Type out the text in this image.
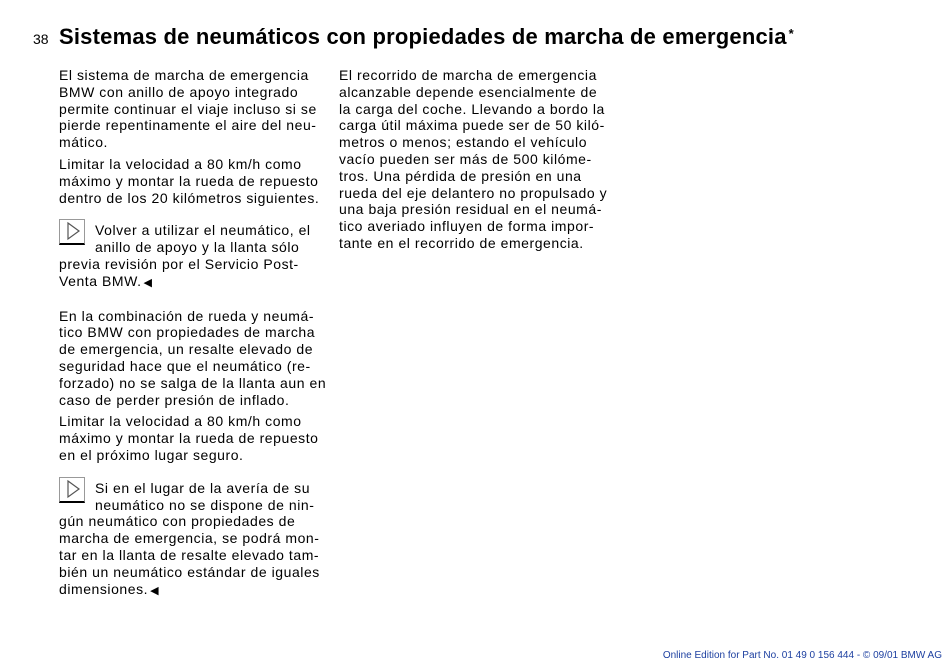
38 Sistemas de neumáticos con propiedades de marcha de emergencia *
El sistema de marcha de emergencia
BMW con anillo de apoyo integrado
permite continuar el viaje incluso si se
pierde repentinamente el aire del neu-
mático.
Limitar la velocidad a 80 km/h como
máximo y montar la rueda de repuesto
dentro de los 20 kilómetros siguientes.
Volver a utilizar el neumático, el
anillo de apoyo y la llanta sólo
previa revisión por el Servicio Post-
Venta BMW. ◀
En la combinación de rueda y neumá-
tico BMW con propiedades de marcha
de emergencia, un resalte elevado de
seguridad hace que el neumático (re-
forzado) no se salga de la llanta aun en
caso de perder presión de inflado.
Limitar la velocidad a 80 km/h como
máximo y montar la rueda de repuesto
en el próximo lugar seguro.
Si en el lugar de la avería de su
neumático no se dispone de nin-
gún neumático con propiedades de
marcha de emergencia, se podrá mon-
tar en la llanta de resalte elevado tam-
bién un neumático estándar de iguales
dimensiones. ◀
El recorrido de marcha de emergencia
alcanzable depende esencialmente de
la carga del coche. Llevando a bordo la
carga útil máxima puede ser de 50 kiló-
metros o menos; estando el vehículo
vacío pueden ser más de 500 kilóme-
tros. Una pérdida de presión en una
rueda del eje delantero no propulsado y
una baja presión residual en el neumá-
tico averiado influyen de forma impor-
tante en el recorrido de emergencia.
Online Edition for Part No. 01 49 0 156 444 - © 09/01 BMW AG
